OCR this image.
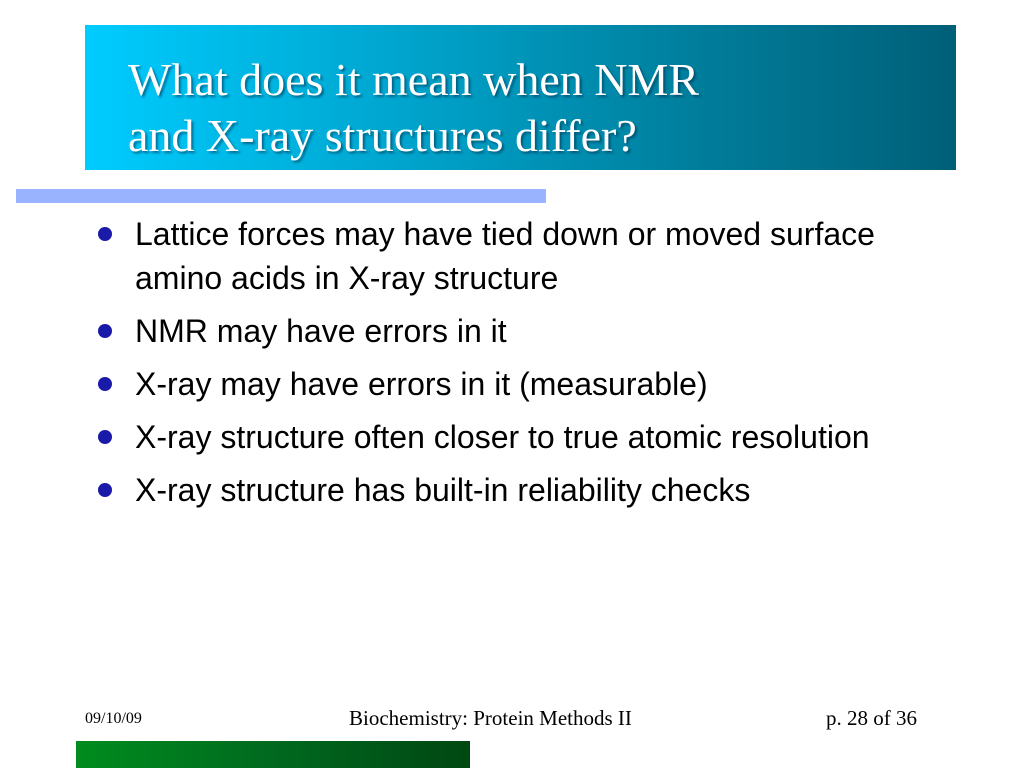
What does it mean when NMR
and X-ray structures differ?
Lattice forces may have tied down or moved surface amino acids in X-ray structure
NMR may have errors in it
X-ray may have errors in it (measurable)
X-ray structure often closer to true atomic resolution
X-ray structure has built-in reliability checks
09/10/09	Biochemistry: Protein Methods II	p. 28 of 36
